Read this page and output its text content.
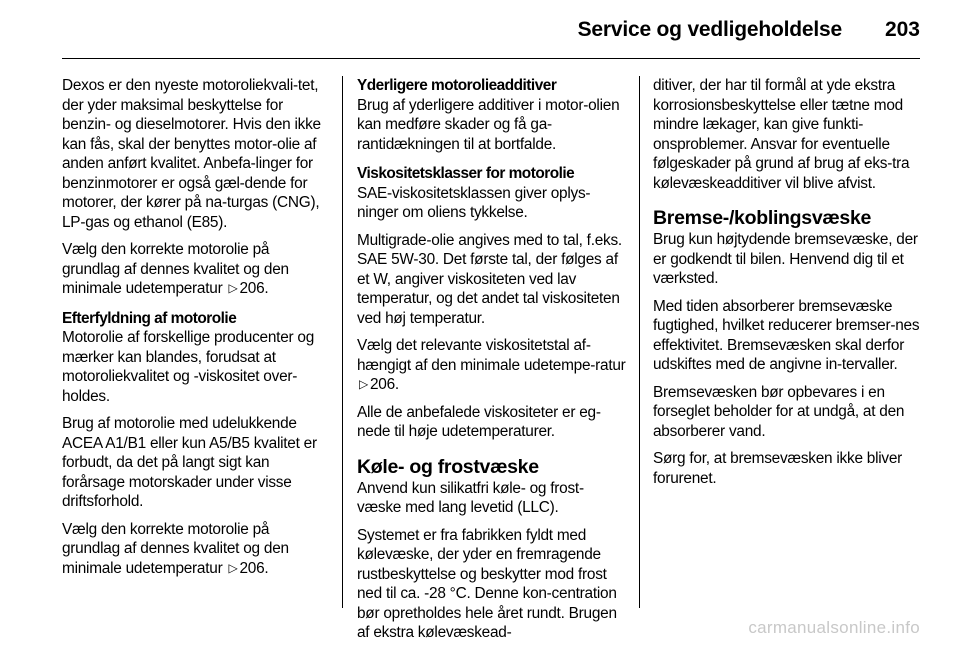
Service og vedligeholdelse 203

Dexos er den nyeste motoroliekvali-tet, der yder maksimal beskyttelse for benzin- og dieselmotorer. Hvis den ikke kan fås, skal der benyttes motor-olie af anden anført kvalitet. Anbefa-linger for benzinmotorer er også gæl-dende for motorer, der kører på na-turgas (CNG), LP-gas og ethanol (E85).

Vælg den korrekte motorolie på grundlag af dennes kvalitet og den minimale udetemperatur ▷ 206.

Efterfyldning af motorolie

Motorolie af forskellige producenter og mærker kan blandes, forudsat at motoroliekvalitet og -viskositet over-holdes.

Brug af motorolie med udelukkende ACEA A1/B1 eller kun A5/B5 kvalitet er forbudt, da det på langt sigt kan forårsage motorskader under visse driftsforhold.

Vælg den korrekte motorolie på grundlag af dennes kvalitet og den minimale udetemperatur ▷ 206.

Yderligere motorolieadditiver

Brug af yderligere additiver i motor-olien kan medføre skader og få ga-rantidækningen til at bortfalde.

Viskositetsklasser for motorolie

SAE-viskositetsklassen giver oplys-ninger om oliens tykkelse.

Multigrade-olie angives med to tal, f.eks. SAE 5W-30. Det første tal, der følges af et W, angiver viskositeten ved lav temperatur, og det andet tal viskositeten ved høj temperatur.

Vælg det relevante viskositetstal af-hængigt af den minimale udetempe-ratur ▷ 206.

Alle de anbefalede viskositeter er eg-nede til høje udetemperaturer.

Køle- og frostvæske

Anvend kun silikatfri køle- og frost-væske med lang levetid (LLC).

Systemet er fra fabrikken fyldt med kølevæske, der yder en fremragende rustbeskyttelse og beskytter mod frost ned til ca. -28 °C. Denne kon-centration bør opretholdes hele året rundt. Brugen af ekstra kølevæskead-

ditiver, der har til formål at yde ekstra korrosionsbeskyttelse eller tætne mod mindre lækager, kan give funkti-onsproblemer. Ansvar for eventuelle følgeskader på grund af brug af eks-tra kølevæskeadditiver vil blive afvist.

Bremse-/koblingsvæske

Brug kun højtydende bremsevæske, der er godkendt til bilen. Henvend dig til et værksted.

Med tiden absorberer bremsevæske fugtighed, hvilket reducerer bremser-nes effektivitet. Bremsevæsken skal derfor udskiftes med de angivne in-tervaller.

Bremsevæsken bør opbevares i en forseglet beholder for at undgå, at den absorberer vand.

Sørg for, at bremsevæsken ikke bliver forurenet.

carmanualsonline.info
